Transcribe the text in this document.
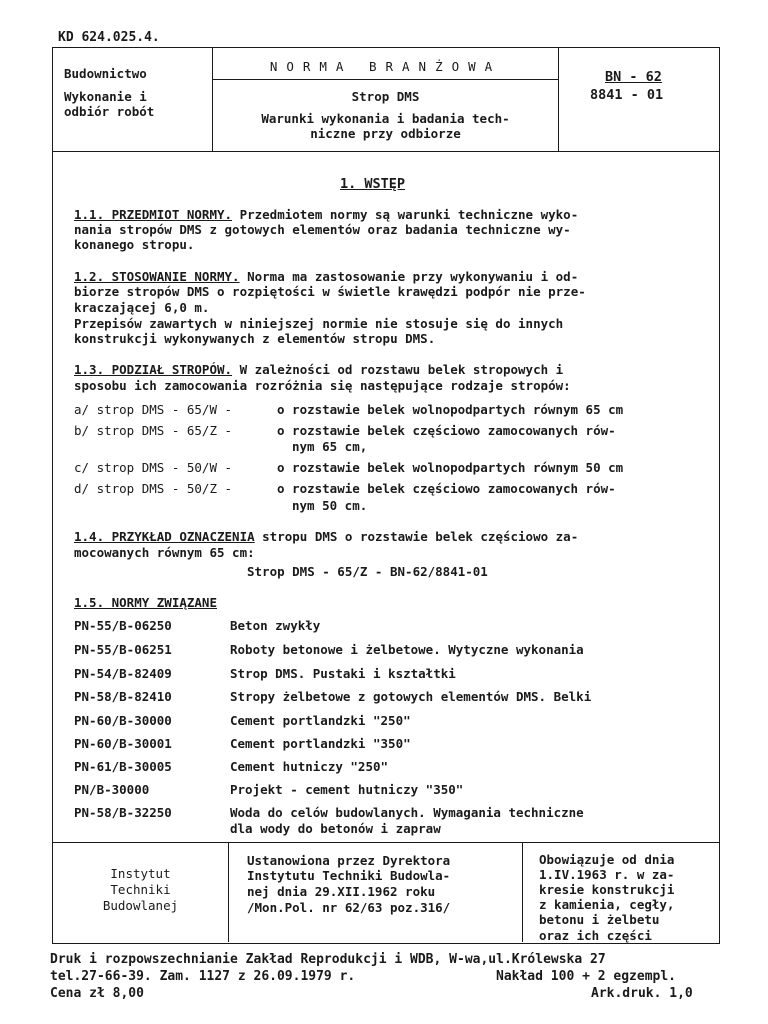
KD 624.025.4.
Budownictwo
Wykonanie i
odbiór robót
NORMA BRANŻOWA
Strop DMS
Warunki wykonania i badania tech-
niczne przy odbiorze
BN - 62
8841 - 01
1. WSTĘP
1.1. PRZEDMIOT NORMY. Przedmiotem normy są warunki techniczne wyko-
nania stropów DMS z gotowych elementów oraz badania techniczne wy-
konanego stropu.
1.2. STOSOWANIE NORMY. Norma ma zastosowanie przy wykonywaniu i od-
biorze stropów DMS o rozpiętości w świetle krawędzi podpór nie prze-
kraczającej 6,0 m.
Przepisów zawartych w niniejszej normie nie stosuje się do innych
konstrukcji wykonywanych z elementów stropu DMS.
1.3. PODZIAŁ STROPÓW. W zależności od rozstawu belek stropowych i
sposobu ich zamocowania rozróżnia się następujące rodzaje stropów:
a/ strop DMS - 65/W -	o rozstawie belek wolnopodpartych równym 65 cm
b/ strop DMS - 65/Z -	o rozstawie belek częściowo zamocowanych rów-
nym 65 cm,
c/ strop DMS - 50/W -	o rozstawie belek wolnopodpartych równym 50 cm
d/ strop DMS - 50/Z -	o rozstawie belek częściowo zamocowanych rów-
nym 50 cm.
1.4. PRZYKŁAD OZNACZENIA stropu DMS o rozstawie belek częściowo za-
mocowanych równym 65 cm:
Strop DMS - 65/Z - BN-62/8841-01
1.5. NORMY ZWIĄZANE
PN-55/B-06250	Beton zwykły
PN-55/B-06251	Roboty betonowe i żelbetowe. Wytyczne wykonania
PN-54/B-82409	Strop DMS. Pustaki i kształtki
PN-58/B-82410	Stropy żelbetowe z gotowych elementów DMS. Belki
PN-60/B-30000	Cement portlandzki "250"
PN-60/B-30001	Cement portlandzki "350"
PN-61/B-30005	Cement hutniczy "250"
PN/B-30000	Projekt - cement hutniczy "350"
PN-58/B-32250	Woda do celów budowlanych. Wymagania techniczne
dla wody do betonów i zapraw
Instytut
Techniki
Budowlanej
Ustanowiona przez Dyrektora
Instytutu Techniki Budowla-
nej dnia 29.XII.1962 roku
/Mon.Pol. nr 62/63 poz.316/
Obowiązuje od dnia
1.IV.1963 r. w za-
kresie konstrukcji
z kamienia, cegły,
betonu i żelbetu
oraz ich części
Druk i rozpowszechnianie Zakład Reprodukcji i WDB, W-wa,ul.Królewska 27
tel.27-66-39. Zam. 1127 z 26.09.1979 r.	Nakład 100 + 2 egzempl.
Cena zł 8,00	Ark.druk. 1,0
